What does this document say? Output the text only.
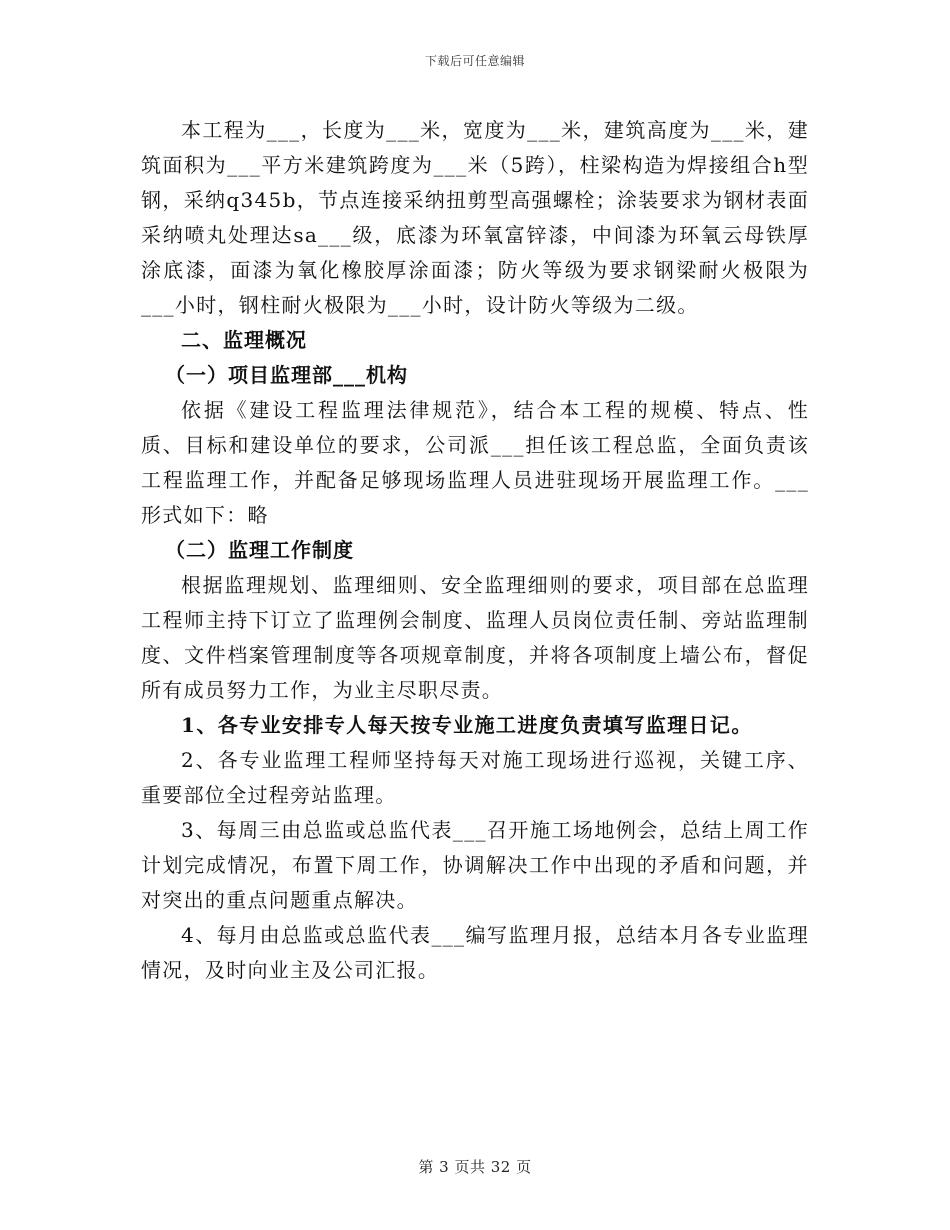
下载后可任意编辑

本工程为___，长度为___米，宽度为___米，建筑高度为___米，建筑面积为___平方米建筑跨度为___米（5跨），柱梁构造为焊接组合h型钢，采纳q345b，节点连接采纳扭剪型高强螺栓；涂装要求为钢材表面采纳喷丸处理达sa___级，底漆为环氧富锌漆，中间漆为环氧云母铁厚涂底漆，面漆为氧化橡胶厚涂面漆；防火等级为要求钢梁耐火极限为___小时，钢柱耐火极限为___小时，设计防火等级为二级。

二、监理概况

（一）项目监理部___机构

依据《建设工程监理法律规范》，结合本工程的规模、特点、性质、目标和建设单位的要求，公司派___担任该工程总监，全面负责该工程监理工作，并配备足够现场监理人员进驻现场开展监理工作。___形式如下：略

（二）监理工作制度

根据监理规划、监理细则、安全监理细则的要求，项目部在总监理工程师主持下订立了监理例会制度、监理人员岗位责任制、旁站监理制度、文件档案管理制度等各项规章制度，并将各项制度上墙公布，督促所有成员努力工作，为业主尽职尽责。

1、各专业安排专人每天按专业施工进度负责填写监理日记。

2、各专业监理工程师坚持每天对施工现场进行巡视，关键工序、重要部位全过程旁站监理。

3、每周三由总监或总监代表___召开施工场地例会，总结上周工作计划完成情况，布置下周工作，协调解决工作中出现的矛盾和问题，并对突出的重点问题重点解决。

4、每月由总监或总监代表___编写监理月报，总结本月各专业监理情况，及时向业主及公司汇报。

第 3 页共 32 页
